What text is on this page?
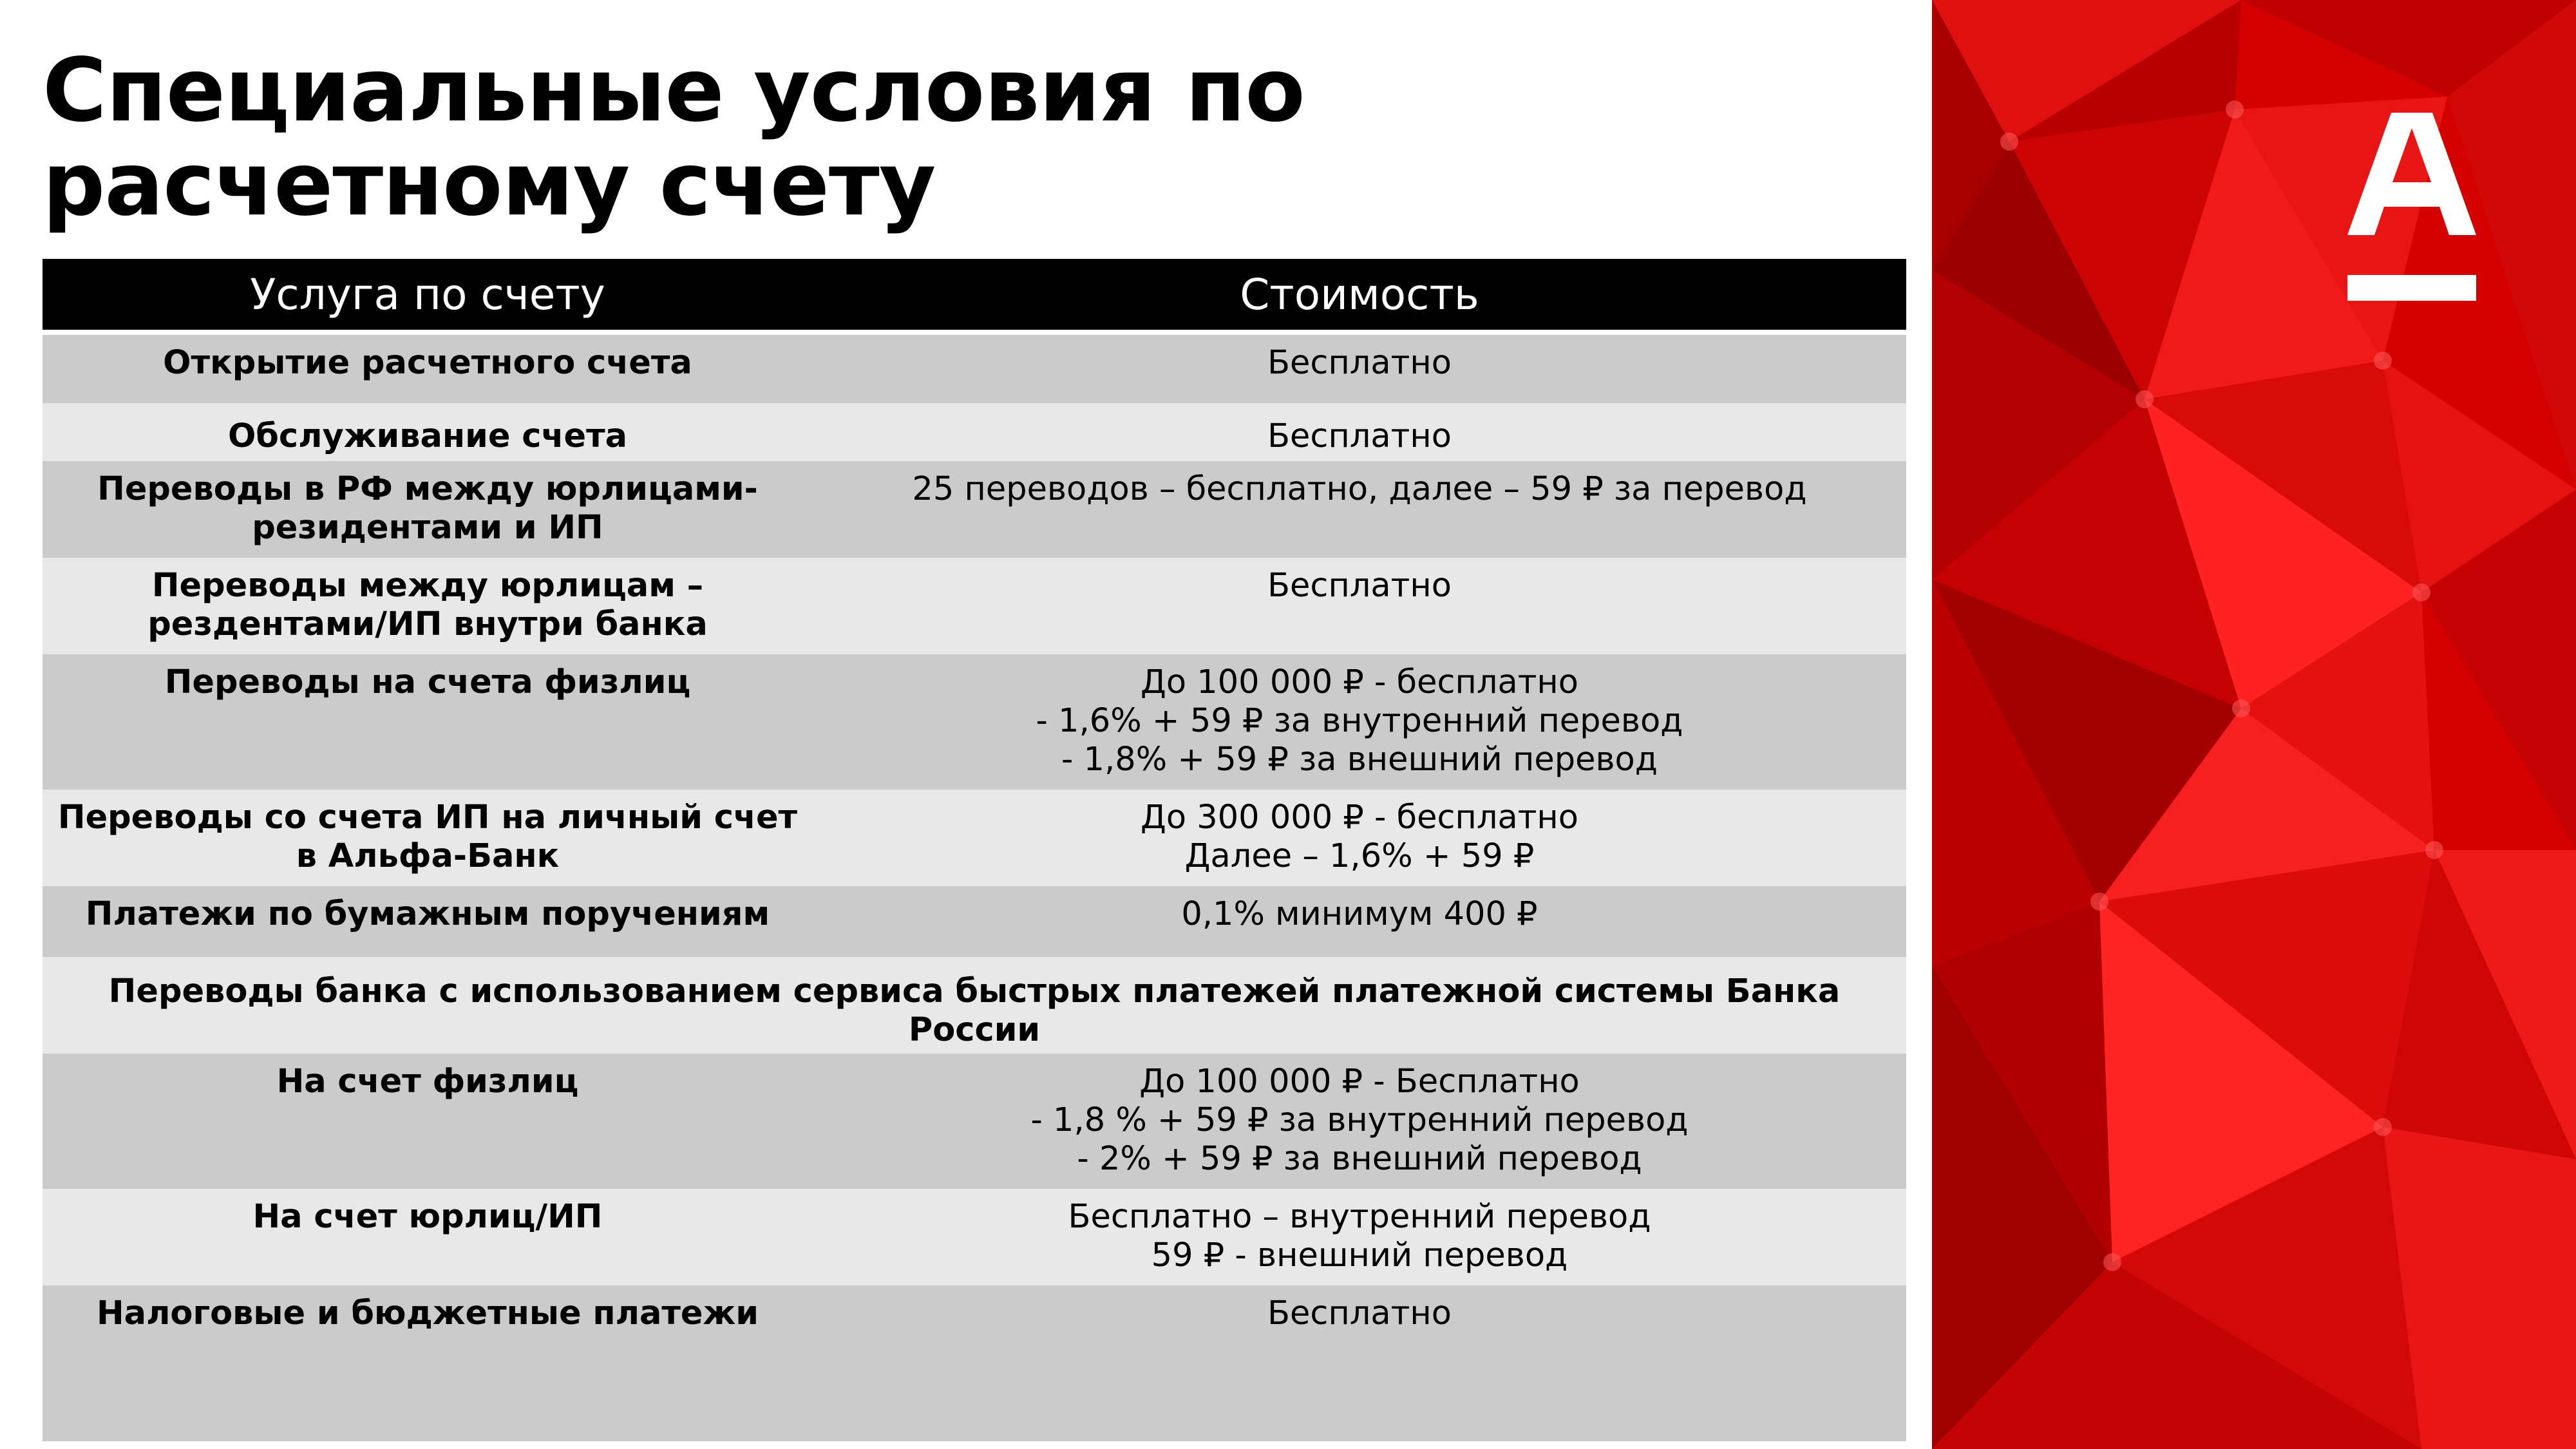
Специальные условия по
расчетному счету
Услуга по счету	Стоимость

Открытие расчетного счета	Бесплатно
Обслуживание счета	Бесплатно
Переводы в РФ между юрлицами-
резидентами и ИП	25 переводов – бесплатно, далее – 59 ₽ за перевод
Переводы между юрлицам –
рездентами/ИП внутри банка	Бесплатно
Переводы на счета физлиц	До 100 000 ₽ - бесплатно
- 1,6% + 59 ₽ за внутренний перевод
- 1,8% + 59 ₽ за внешний перевод
Переводы со счета ИП на личный счет
в Альфа-Банк	До 300 000 ₽ - бесплатно
Далее – 1,6% + 59 ₽
Платежи по бумажным поручениям	0,1% минимум 400 ₽
Переводы банка с использованием сервиса быстрых платежей платежной системы Банка
России	
На счет физлиц	До 100 000 ₽ - Бесплатно
- 1,8 % + 59 ₽ за внутренний перевод
- 2% + 59 ₽ за внешний перевод
На счет юрлиц/ИП	Бесплатно – внутренний перевод
59 ₽ - внешний перевод
Налоговые и бюджетные платежи	Бесплатно
